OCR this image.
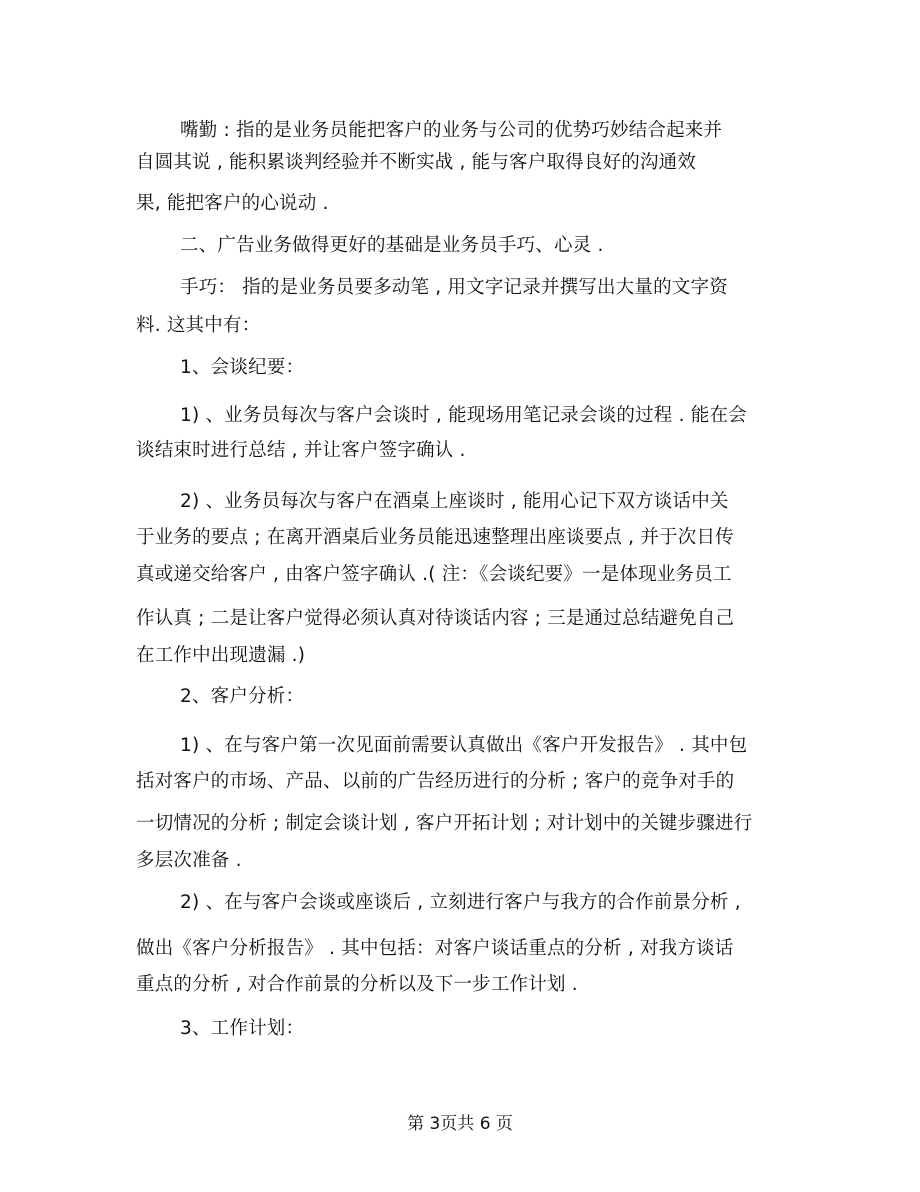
嘴勤 : 指的是业务员能把客户的业务与公司的优势巧妙结合起来并
自圆其说 , 能积累谈判经验并不断实战 , 能与客户取得良好的沟通效
果, 能把客户的心说动 .
二、广告业务做得更好的基础是业务员手巧、心灵 .
手巧： 指的是业务员要多动笔 , 用文字记录并撰写出大量的文字资
料. 这其中有：
1、会谈纪要：
1) 、业务员每次与客户会谈时 , 能现场用笔记录会谈的过程 . 能在会
谈结束时进行总结 , 并让客户签字确认 .
2) 、业务员每次与客户在酒桌上座谈时 , 能用心记下双方谈话中关
于业务的要点 ; 在离开酒桌后业务员能迅速整理出座谈要点 , 并于次日传
真或递交给客户 , 由客户签字确认 .( 注：《会谈纪要》一是体现业务员工
作认真 ; 二是让客户觉得必须认真对待谈话内容 ; 三是通过总结避免自己
在工作中出现遗漏 .)
2、客户分析：
1) 、在与客户第一次见面前需要认真做出《客户开发报告》 . 其中包
括对客户的市场、产品、以前的广告经历进行的分析 ; 客户的竞争对手的
一切情况的分析 ; 制定会谈计划 , 客户开拓计划 ; 对计划中的关键步骤进行
多层次准备 .
2) 、在与客户会谈或座谈后 , 立刻进行客户与我方的合作前景分析 ,
做出《客户分析报告》 . 其中包括：对客户谈话重点的分析 , 对我方谈话
重点的分析 , 对合作前景的分析以及下一步工作计划 .
3、工作计划：
第 3页共 6 页
